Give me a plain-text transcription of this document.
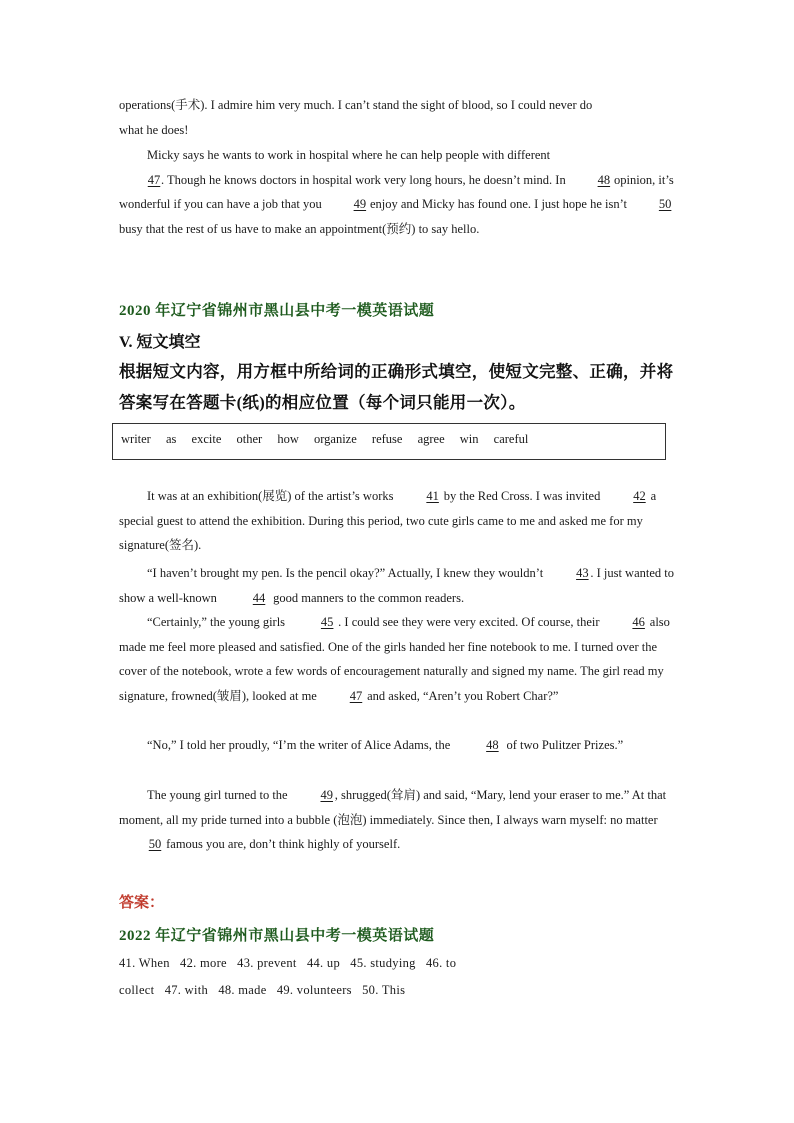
operations(手术). I admire him very much. I can’t stand the sight of blood, so I could never do
what he does!

Micky says he wants to work in hospital where he can help people with different
47. Though he knows doctors in hospital work very long hours, he doesn’t mind. In	48 opinion, it’s wonderful if you can have a job that you 49 enjoy and Micky has found one. I just hope he isn’t 50 busy that the rest of us have to make an appointment(预约) to say hello.

2020 年辽宁省锦州市黑山县中考一模英语试题

V. 短文填空

根据短文内容，用方框中所给词的正确形式填空，使短文完整、正确，并将答案写在答题卡(纸)的相应位置（每个词只能用一次）。

writer as excite other how organize refuse agree win careful

It was at an exhibition(展览) of the artist’s works 41 by the Red Cross. I was invited 42 a special guest to attend the exhibition. During this period, two cute girls came to me and asked me for my signature(签名).

“I haven’t brought my pen. Is the pencil okay?” Actually, I knew they wouldn’t 43 . I just wanted to show a well-known	44 good manners to the common readers.

“Certainly,” the young girls	45 . I could see they were very excited. Of course, their 46 also made me feel more pleased and satisfied. One of the girls handed her fine notebook to me. I turned over the cover of the notebook, wrote a few words of encouragement naturally and signed my name. The girl read my signature, frowned(皱眉), looked at me 47 and asked, “Aren’t you Robert Char?”

“No,” I told her proudly, “I’m the writer of Alice Adams, the	48 of two Pulitzer Prizes.”

The young girl turned to the 49 , shrugged(耸肩) and said, “Mary, lend your eraser to me.” At that moment, all my pride turned into a bubble (泡泡) immediately. Since then, I always warn myself: no matter 50 famous you are, don’t think highly of yourself.

答案：

2022 年辽宁省锦州市黑山县中考一模英语试题

41. When   42. more   43. prevent   44. up   45. studying   46. to
collect   47. with   48. made   49. volunteers   50. This
